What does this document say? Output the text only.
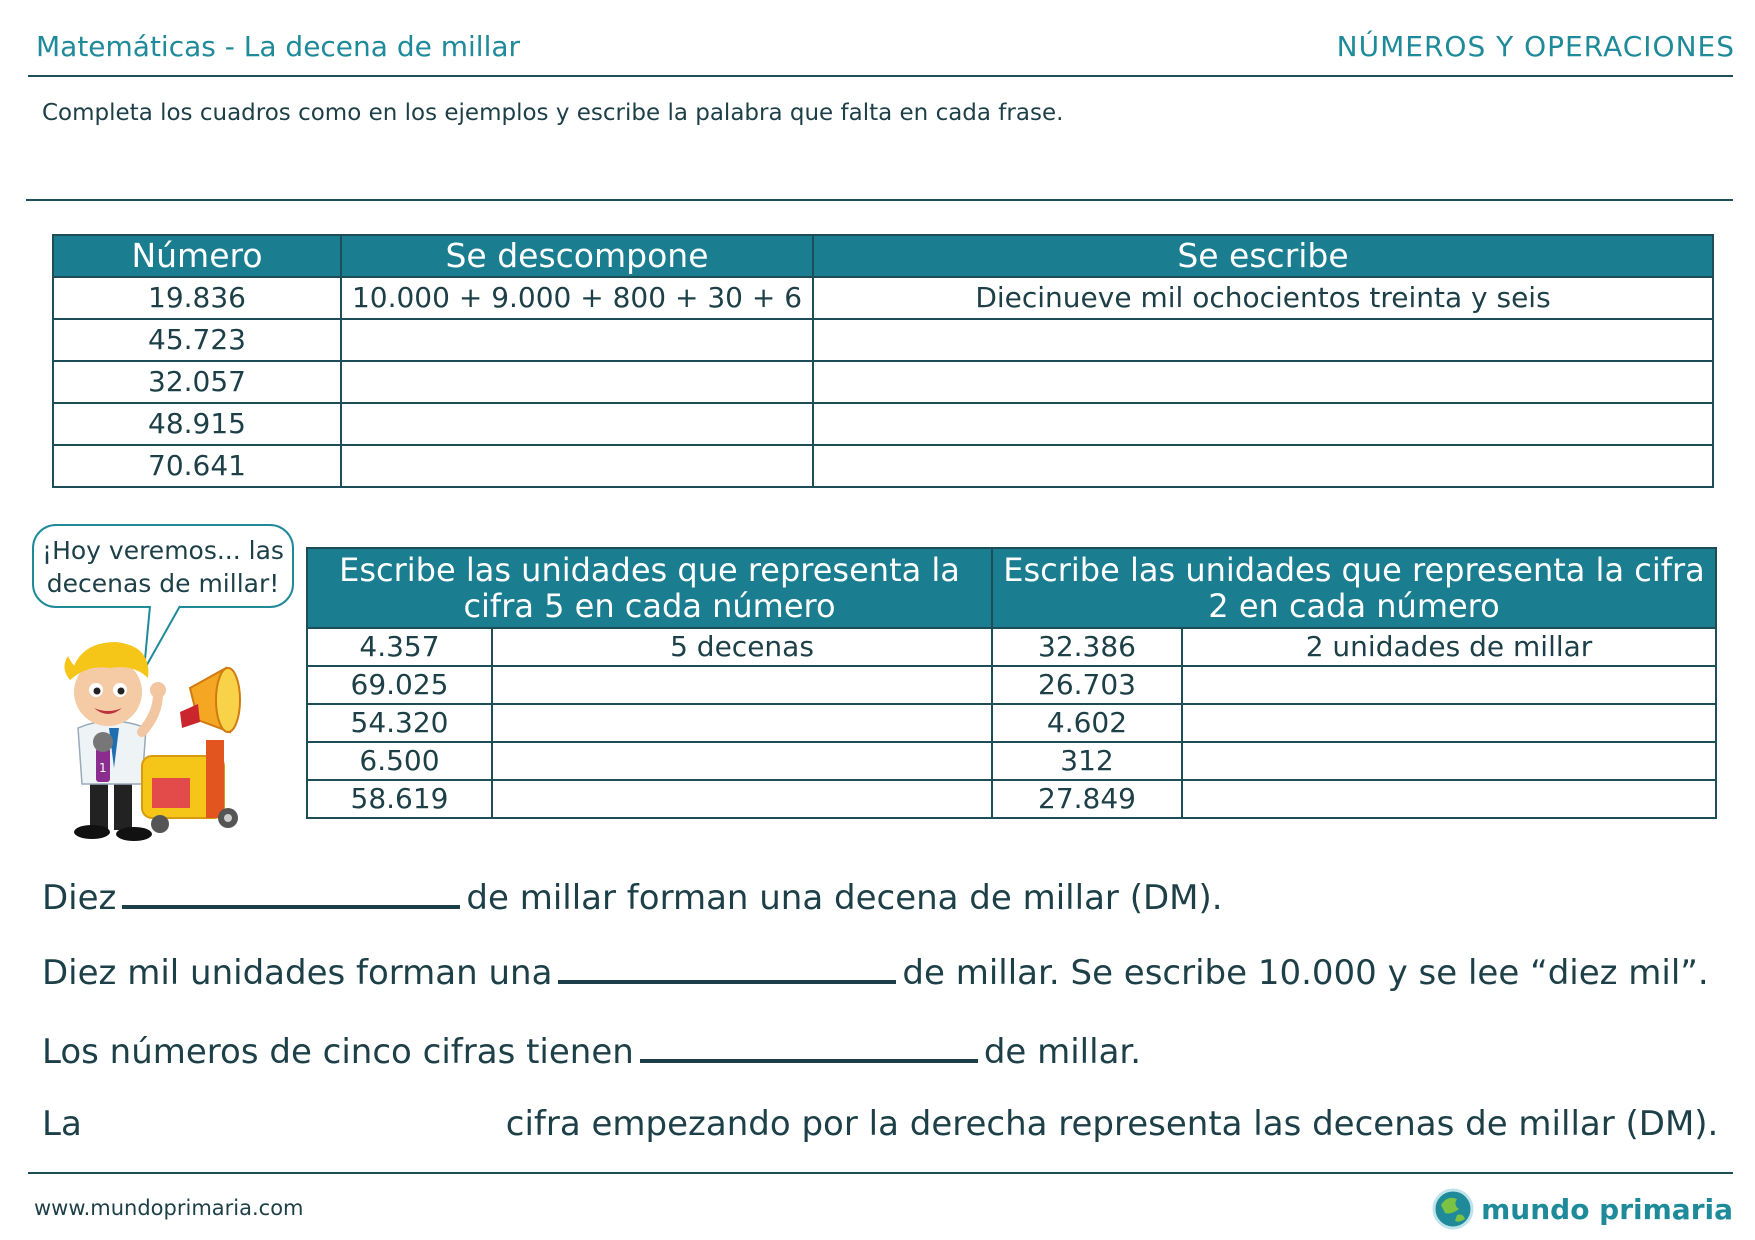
Matemáticas - La decena de millar	NÚMEROS Y OPERACIONES
Completa los cuadros como en los ejemplos y escribe la palabra que falta en cada frase.
Número	Se descompone	Se escribe
19.836	10.000 + 9.000 + 800 + 30 + 6	Diecinueve mil ochocientos treinta y seis
45.723		
32.057		
48.915		
70.641		
¡Hoy veremos... las
decenas de millar!
1
Escribe las unidades que representa la cifra 5 en cada número		Escribe las unidades que representa la cifra 2 en cada número	
4.357	5 decenas	32.386	2 unidades de millar
69.025		26.703	
54.320		4.602	
6.500		312	
58.619		27.849	
Diez	de millar forman una decena de millar (DM).
Diez mil unidades forman una	de millar. Se escribe 10.000 y se lee “diez mil”.
Los números de cinco cifras tienen	de millar.
La	cifra empezando por la derecha representa las decenas de millar (DM).
www.mundoprimaria.com	mundo primaria
